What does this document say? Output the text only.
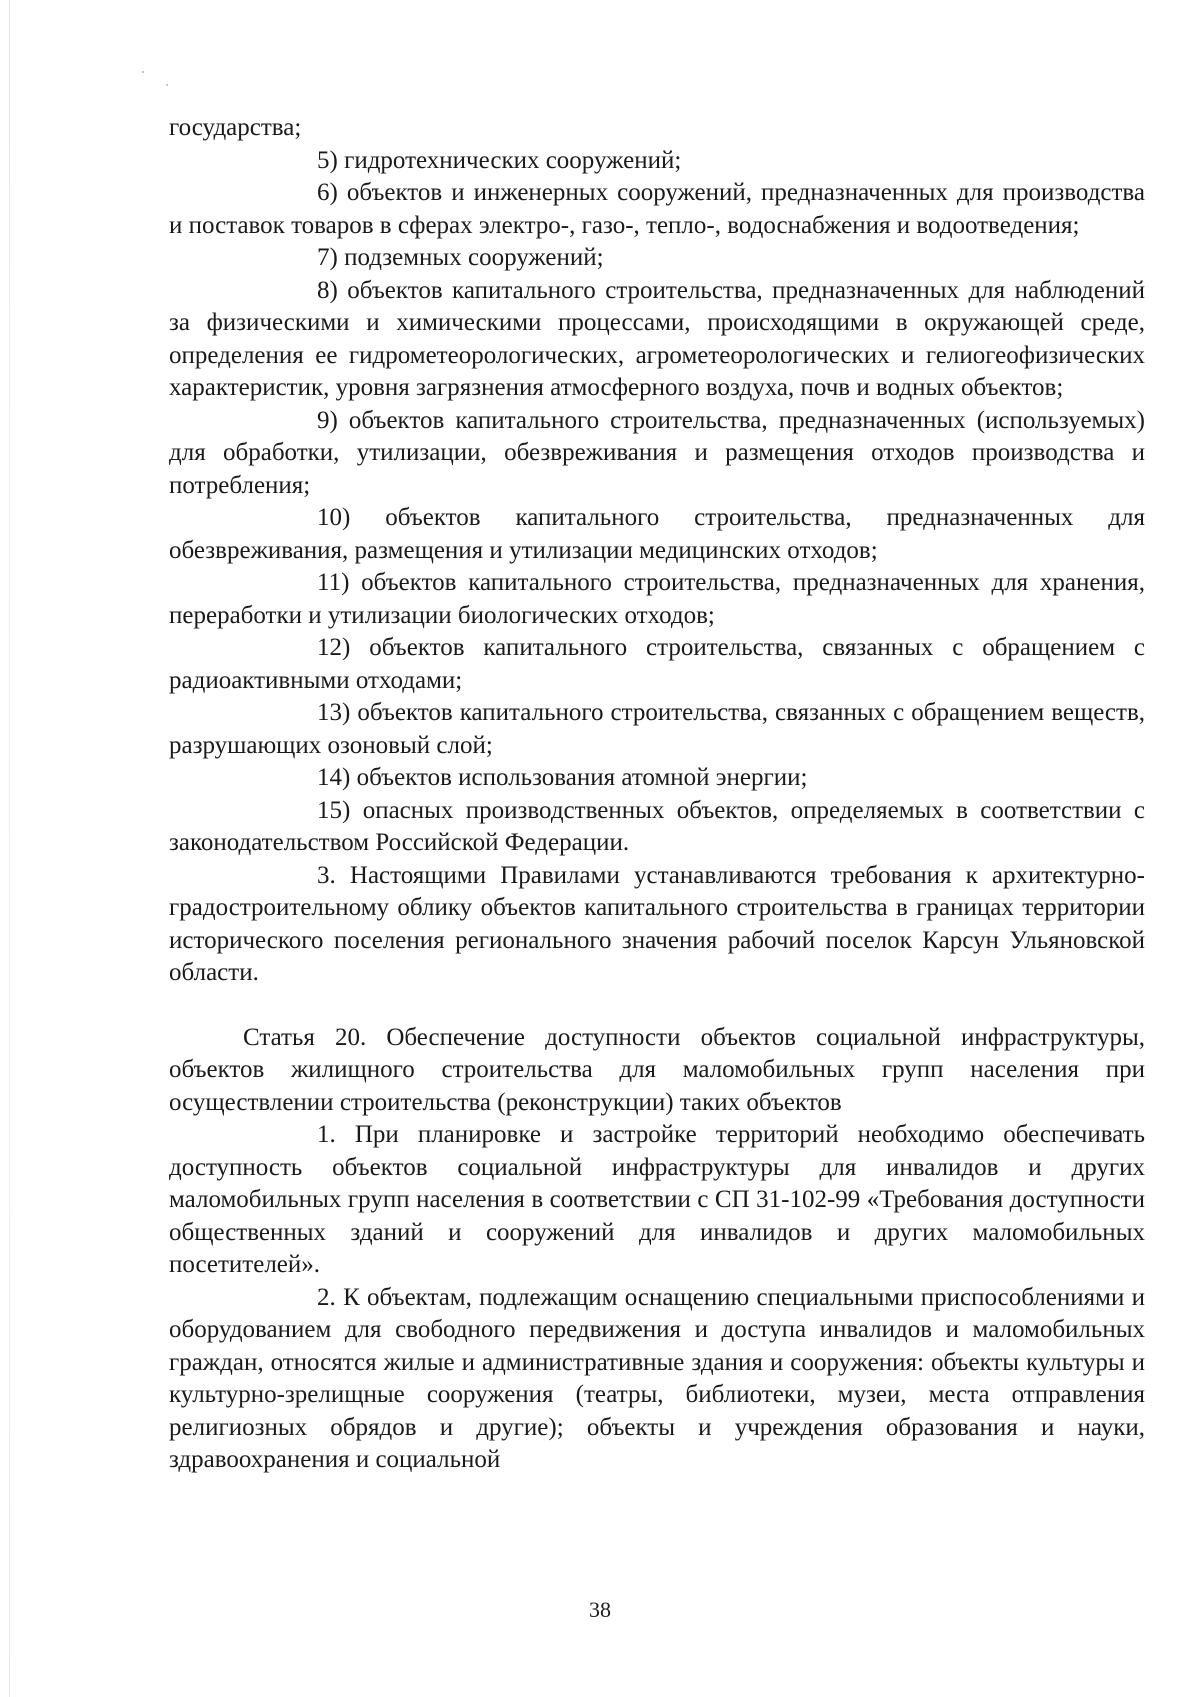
государства;

5) гидротехнических сооружений;

6) объектов и инженерных сооружений, предназначенных для производства и поставок товаров в сферах электро-, газо-, тепло-, водоснабжения и водоотведения;

7) подземных сооружений;

8) объектов капитального строительства, предназначенных для наблюдений за физическими и химическими процессами, происходящими в окружающей среде, определения ее гидрометеорологических, агрометеорологических и гелиогеофизических характеристик, уровня загрязнения атмосферного воздуха, почв и водных объектов;

9) объектов капитального строительства, предназначенных (используемых) для обработки, утилизации, обезвреживания и размещения отходов производства и потребления;

10) объектов капитального строительства, предназначенных для обезвреживания, размещения и утилизации медицинских отходов;

11) объектов капитального строительства, предназначенных для хранения, переработки и утилизации биологических отходов;

12) объектов капитального строительства, связанных с обращением с радиоактивными отходами;

13) объектов капитального строительства, связанных с обращением веществ, разрушающих озоновый слой;

14) объектов использования атомной энергии;

15) опасных производственных объектов, определяемых в соответствии с законодательством Российской Федерации.

3. Настоящими Правилами устанавливаются требования к архитектурно-градостроительному облику объектов капитального строительства в границах территории исторического поселения регионального значения рабочий поселок Карсун Ульяновской области.

Статья 20. Обеспечение доступности объектов социальной инфраструктуры, объектов жилищного строительства для маломобильных групп населения при осуществлении строительства (реконструкции) таких объектов

1. При планировке и застройке территорий необходимо обеспечивать доступность объектов социальной инфраструктуры для инвалидов и других маломобильных групп населения в соответствии с СП 31-102-99 «Требования доступности общественных зданий и сооружений для инвалидов и других маломобильных посетителей».

2. К объектам, подлежащим оснащению специальными приспособлениями и оборудованием для свободного передвижения и доступа инвалидов и маломобильных граждан, относятся жилые и административные здания и сооружения: объекты культуры и культурно-зрелищные сооружения (театры, библиотеки, музеи, места отправления религиозных обрядов и другие); объекты и учреждения образования и науки, здравоохранения и социальной

38
